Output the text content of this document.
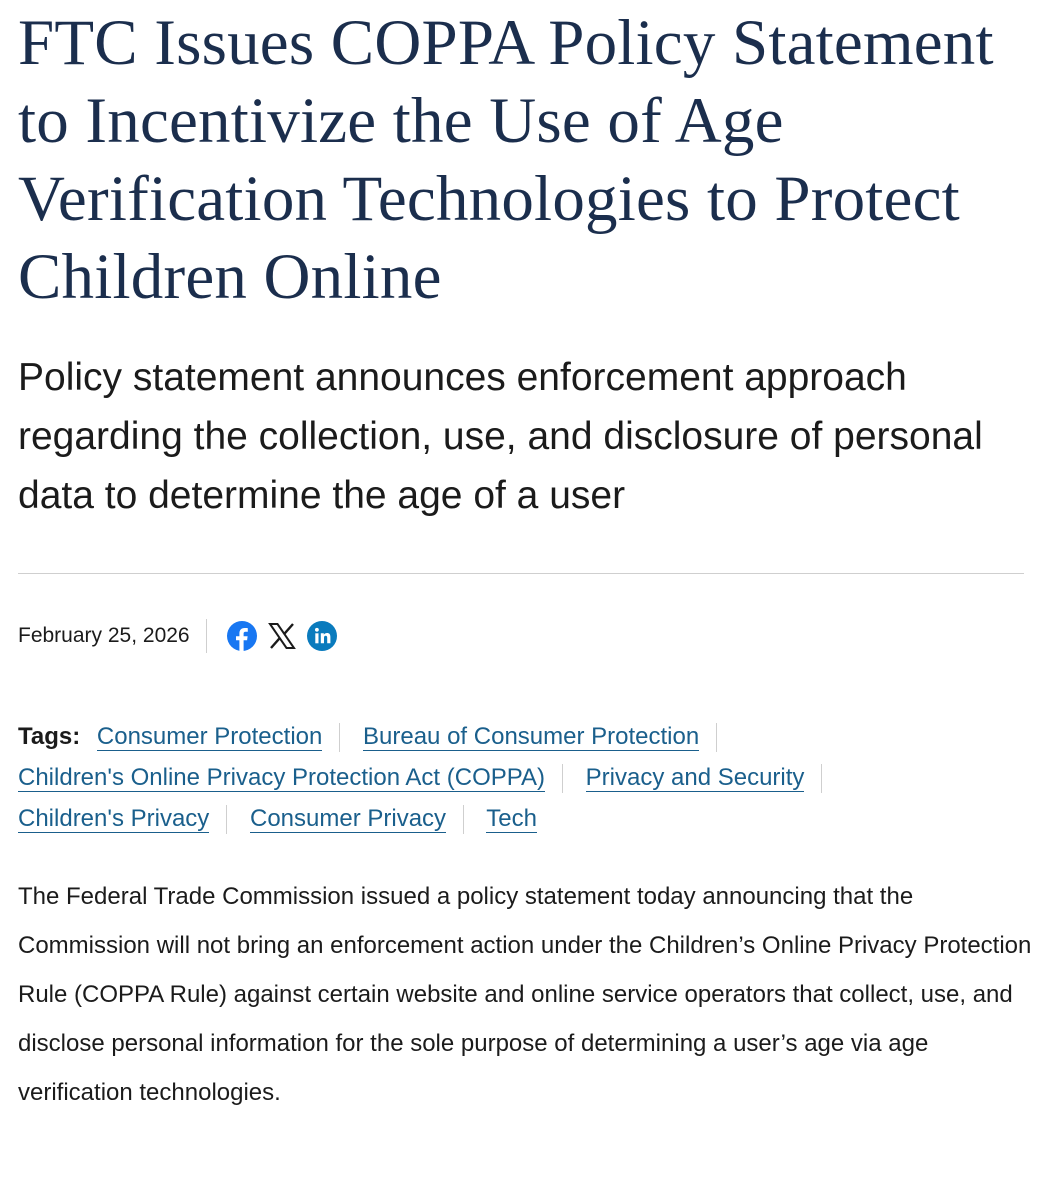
FTC Issues COPPA Policy Statement to Incentivize the Use of Age Verification Technologies to Protect Children Online

Policy statement announces enforcement approach regarding the collection, use, and disclosure of personal data to determine the age of a user

February 25, 2026
Tags: Consumer Protection Bureau of Consumer Protection Children's Online Privacy Protection Act (COPPA) Privacy and Security Children's Privacy Consumer Privacy Tech

The Federal Trade Commission issued a policy statement today announcing that the Commission will not bring an enforcement action under the Children’s Online Privacy Protection Rule (COPPA Rule) against certain website and online service operators that collect, use, and disclose personal information for the sole purpose of determining a user’s age via age verification technologies.
